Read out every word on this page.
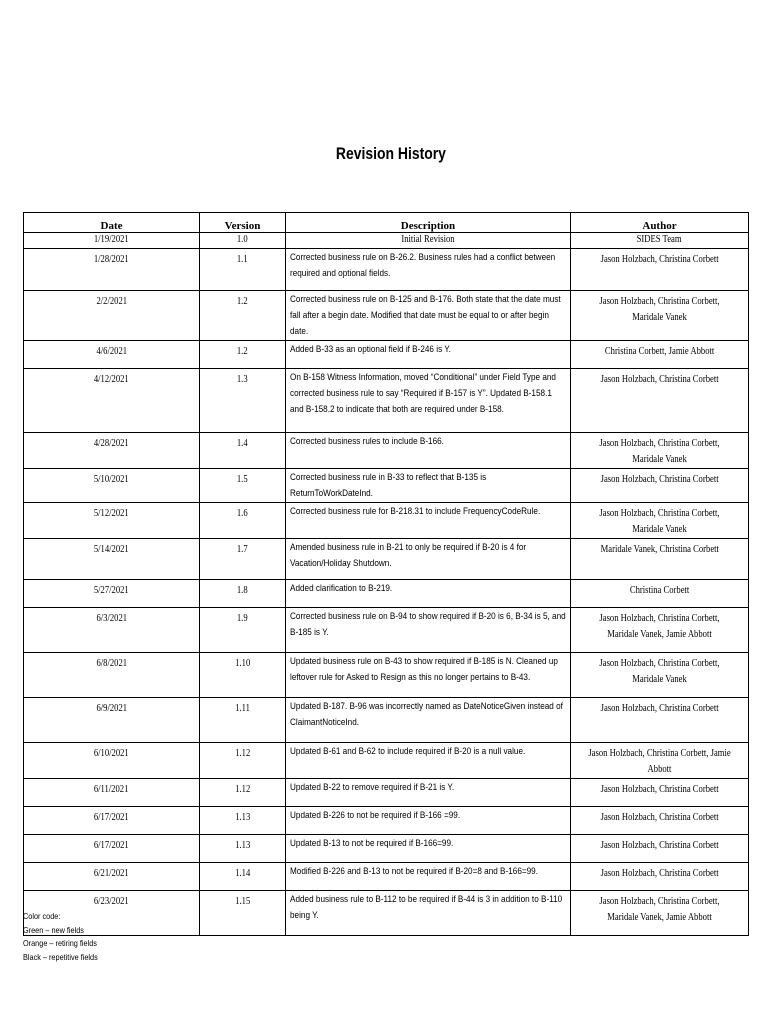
Revision History
Date	Version	Description	Author
1/19/2021	1.0	Initial Revision	SIDES Team
1/28/2021	1.1	Corrected business rule on B-26.2. Business rules had a conflict between required and optional fields.	Jason Holzbach, Christina Corbett
2/2/2021	1.2	Corrected business rule on B-125 and B-176. Both state that the date must fall after a begin date. Modified that date must be equal to or after begin date.	Jason Holzbach, Christina Corbett, Maridale Vanek
4/6/2021	1.2	Added B-33 as an optional field if B-246 is Y.	Christina Corbett, Jamie Abbott
4/12/2021	1.3	On B-158 Witness Information, moved “Conditional” under Field Type and corrected business rule to say “Required if B-157 is Y”. Updated B-158.1 and B-158.2 to indicate that both are required under B-158.	Jason Holzbach, Christina Corbett
4/28/2021	1.4	Corrected business rules to include B-166.	Jason Holzbach, Christina Corbett, Maridale Vanek
5/10/2021	1.5	Corrected business rule in B-33 to reflect that B-135 is ReturnToWorkDateInd.	Jason Holzbach, Christina Corbett
5/12/2021	1.6	Corrected business rule for B-218.31 to include FrequencyCodeRule.	Jason Holzbach, Christina Corbett, Maridale Vanek
5/14/2021	1.7	Amended business rule in B-21 to only be required if B-20 is 4 for Vacation/Holiday Shutdown.	Maridale Vanek, Christina Corbett
5/27/2021	1.8	Added clarification to B-219.	Christina Corbett
6/3/2021	1.9	Corrected business rule on B-94 to show required if B-20 is 6, B-34 is 5, and B-185 is Y.	Jason Holzbach, Christina Corbett, Maridale Vanek, Jamie Abbott
6/8/2021	1.10	Updated business rule on B-43 to show required if B-185 is N. Cleaned up leftover rule for Asked to Resign as this no longer pertains to B-43.	Jason Holzbach, Christina Corbett, Maridale Vanek
6/9/2021	1.11	Updated B-187. B-96 was incorrectly named as DateNoticeGiven instead of ClaimantNoticeInd.	Jason Holzbach, Christina Corbett
6/10/2021	1.12	Updated B-61 and B-62 to include required if B-20 is a null value.	Jason Holzbach, Christina Corbett, Jamie Abbott
6/11/2021	1.12	Updated B-22 to remove required if B-21 is Y.	Jason Holzbach, Christina Corbett
6/17/2021	1.13	Updated B-226 to not be required if B-166 =99.	Jason Holzbach, Christina Corbett
6/17/2021	1.13	Updated B-13 to not be required if B-166=99.	Jason Holzbach, Christina Corbett
6/21/2021	1.14	Modified B-226 and B-13 to not be required if B-20=8 and B-166=99.	Jason Holzbach, Christina Corbett
6/23/2021	1.15	Added business rule to B-112 to be required if B-44 is 3 in addition to B-110 being Y.	Jason Holzbach, Christina Corbett, Maridale Vanek, Jamie Abbott
Color code:
Green – new fields
Orange – retiring fields
Black – repetitive fields
